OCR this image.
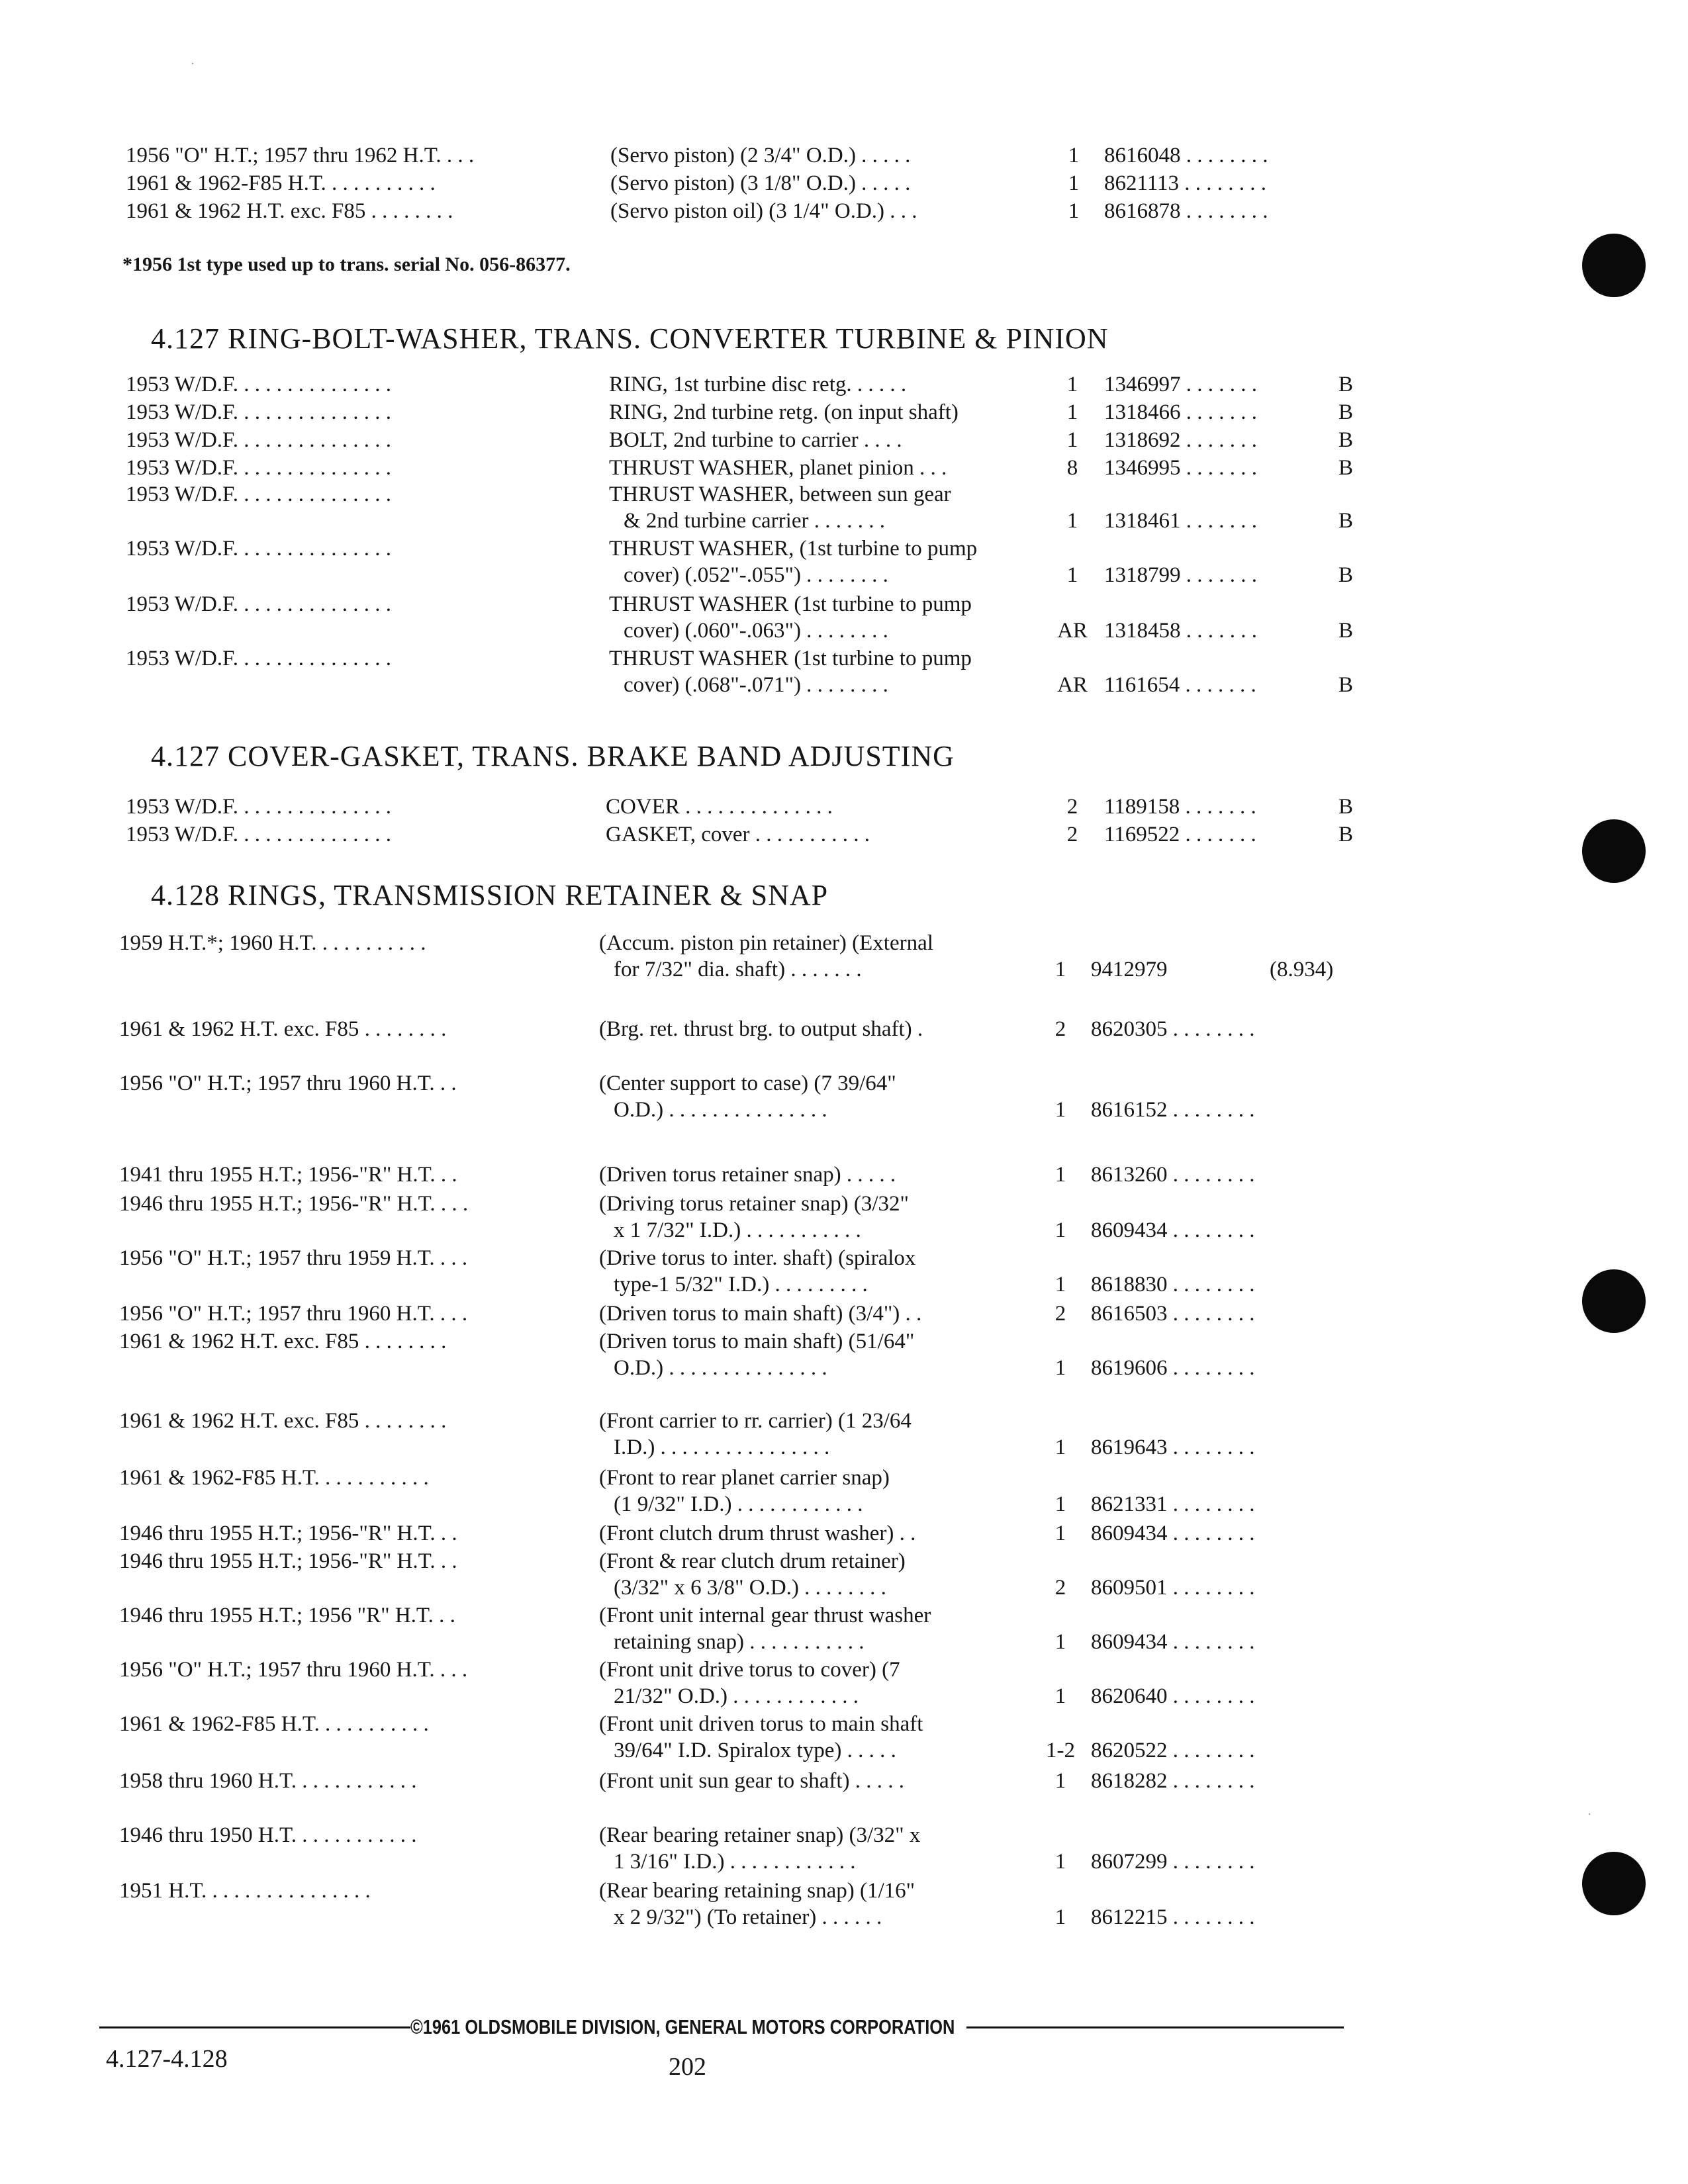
1956 "O" H.T.; 1957 thru 1962 H.T. . . .	(Servo piston) (2 3/4" O.D.) . . . . .	1	8616048 . . . . . . . .
1961 & 1962-F85 H.T. . . . . . . . . . .	(Servo piston) (3 1/8" O.D.) . . . . .	1	8621113 . . . . . . . .
1961 & 1962 H.T. exc. F85 . . . . . . . .	(Servo piston oil) (3 1/4" O.D.) . . .	1	8616878 . . . . . . . .
*1956 1st type used up to trans. serial No. 056-86377.
4.127 RING-BOLT-WASHER, TRANS. CONVERTER TURBINE & PINION
1953 W/D.F. . . . . . . . . . . . . . .	RING, 1st turbine disc retg. . . . . .	1	1346997 . . . . . . .	B
1953 W/D.F. . . . . . . . . . . . . . .	RING, 2nd turbine retg. (on input shaft)	1	1318466 . . . . . . .	B
1953 W/D.F. . . . . . . . . . . . . . .	BOLT, 2nd turbine to carrier . . . .	1	1318692 . . . . . . .	B
1953 W/D.F. . . . . . . . . . . . . . .	THRUST WASHER, planet pinion . . .	8	1346995 . . . . . . .	B
1953 W/D.F. . . . . . . . . . . . . . .	THRUST WASHER, between sun gear
& 2nd turbine carrier . . . . . . .	1	1318461 . . . . . . .	B
1953 W/D.F. . . . . . . . . . . . . . .	THRUST WASHER, (1st turbine to pump
cover) (.052"-.055") . . . . . . . .	1	1318799 . . . . . . .	B
1953 W/D.F. . . . . . . . . . . . . . .	THRUST WASHER (1st turbine to pump
cover) (.060"-.063") . . . . . . . .	AR 1318458 . . . . . . .	B
1953 W/D.F. . . . . . . . . . . . . . .	THRUST WASHER (1st turbine to pump
cover) (.068"-.071") . . . . . . . .	AR 1161654 . . . . . . .	B
4.127 COVER-GASKET, TRANS. BRAKE BAND ADJUSTING
1953 W/D.F. . . . . . . . . . . . . . .	COVER . . . . . . . . . . . . . .	2	1189158 . . . . . . .	B
1953 W/D.F. . . . . . . . . . . . . . .	GASKET, cover . . . . . . . . . . .	2	1169522 . . . . . . .	B
4.128 RINGS, TRANSMISSION RETAINER & SNAP
1959 H.T.*; 1960 H.T. . . . . . . . . . .	(Accum. piston pin retainer) (External
for 7/32" dia. shaft) . . . . . . .	1	9412979	(8.934)
1961 & 1962 H.T. exc. F85 . . . . . . . .	(Brg. ret. thrust brg. to output shaft) .	2	8620305 . . . . . . . .
1956 "O" H.T.; 1957 thru 1960 H.T. . .	(Center support to case) (7 39/64"
O.D.) . . . . . . . . . . . . . . .	1	8616152 . . . . . . . .
1941 thru 1955 H.T.; 1956-"R" H.T. . .	(Driven torus retainer snap) . . . . .	1	8613260 . . . . . . . .
1946 thru 1955 H.T.; 1956-"R" H.T. . . .	(Driving torus retainer snap) (3/32"
x 1 7/32" I.D.) . . . . . . . . . . .	1	8609434 . . . . . . . .
1956 "O" H.T.; 1957 thru 1959 H.T. . . .	(Drive torus to inter. shaft) (spiralox
type-1 5/32" I.D.) . . . . . . . . .	1	8618830 . . . . . . . .
1956 "O" H.T.; 1957 thru 1960 H.T. . . .	(Driven torus to main shaft) (3/4") . .	2	8616503 . . . . . . . .
1961 & 1962 H.T. exc. F85 . . . . . . . .	(Driven torus to main shaft) (51/64"
O.D.) . . . . . . . . . . . . . . .	1	8619606 . . . . . . . .
1961 & 1962 H.T. exc. F85 . . . . . . . .	(Front carrier to rr. carrier) (1 23/64
I.D.) . . . . . . . . . . . . . . . .	1	8619643 . . . . . . . .
1961 & 1962-F85 H.T. . . . . . . . . . .	(Front to rear planet carrier snap)
(1 9/32" I.D.) . . . . . . . . . . . .	1	8621331 . . . . . . . .
1946 thru 1955 H.T.; 1956-"R" H.T. . .	(Front clutch drum thrust washer) . .	1	8609434 . . . . . . . .
1946 thru 1955 H.T.; 1956-"R" H.T. . .	(Front & rear clutch drum retainer)
(3/32" x 6 3/8" O.D.) . . . . . . . .	2	8609501 . . . . . . . .
1946 thru 1955 H.T.; 1956 "R" H.T. . .	(Front unit internal gear thrust washer
retaining snap) . . . . . . . . . . .	1	8609434 . . . . . . . .
1956 "O" H.T.; 1957 thru 1960 H.T. . . .	(Front unit drive torus to cover) (7
21/32" O.D.) . . . . . . . . . . . .	1	8620640 . . . . . . . .
1961 & 1962-F85 H.T. . . . . . . . . . .	(Front unit driven torus to main shaft
39/64" I.D. Spiralox type) . . . . .	1-2 8620522 . . . . . . . .
1958 thru 1960 H.T. . . . . . . . . . . .	(Front unit sun gear to shaft) . . . . .	1	8618282 . . . . . . . .
1946 thru 1950 H.T. . . . . . . . . . . .	(Rear bearing retainer snap) (3/32" x
1 3/16" I.D.) . . . . . . . . . . . .	1	8607299 . . . . . . . .
1951 H.T. . . . . . . . . . . . . . . .	(Rear bearing retaining snap) (1/16"
x 2 9/32") (To retainer) . . . . . .	1	8612215 . . . . . . . .
©1961 OLDSMOBILE DIVISION, GENERAL MOTORS CORPORATION
4.127-4.128	202
